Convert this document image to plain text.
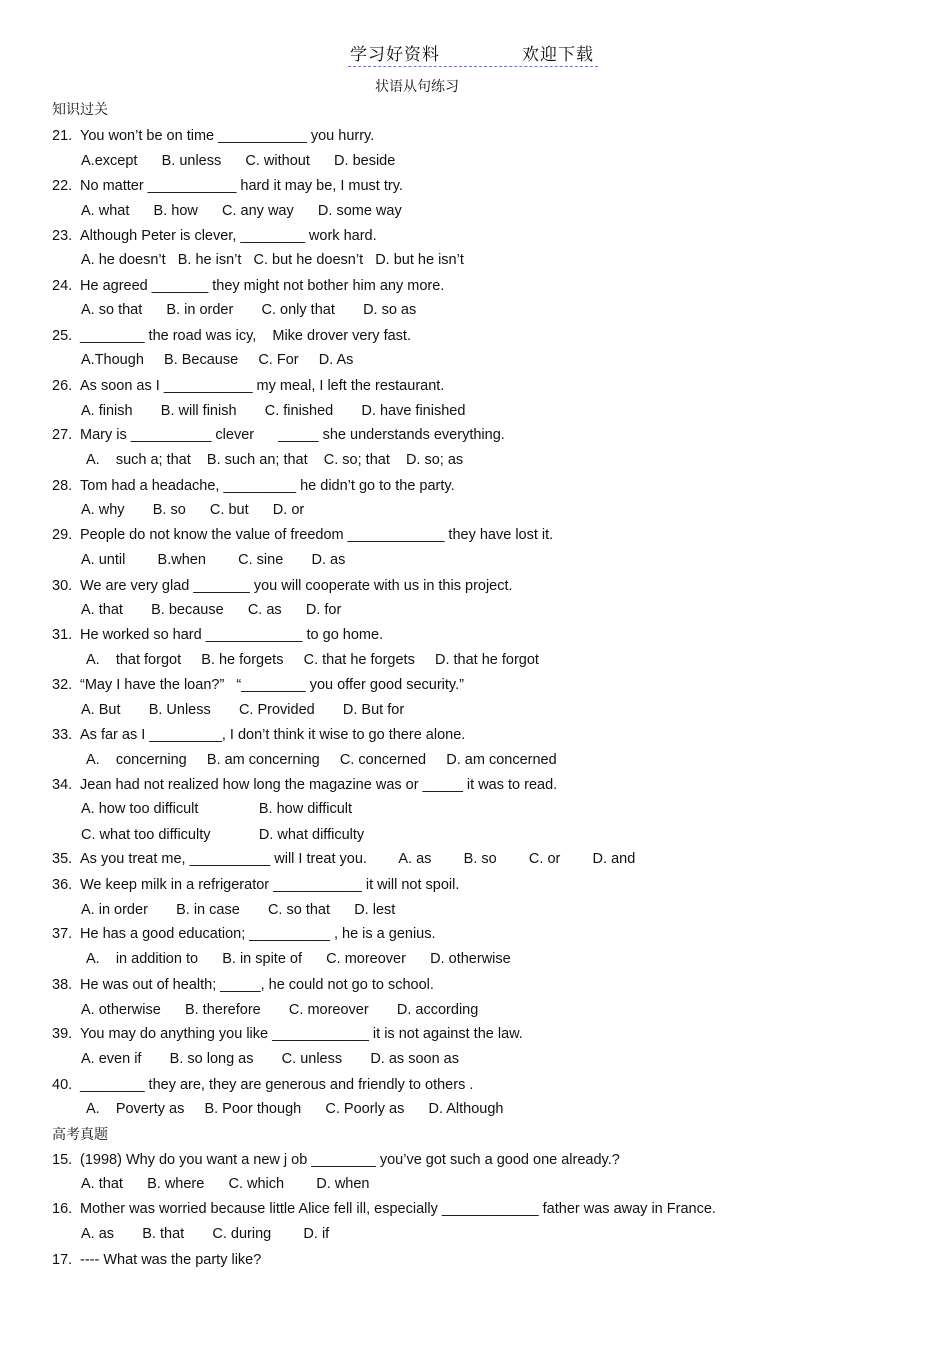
学习好资料	欢迎下载
状语从句练习
知识过关
高考真题
21. You won’t be on time ___________ you hurry.
A.except      B. unless      C. without      D. beside
22. No matter ___________ hard it may be, I must try.
A. what      B. how      C. any way      D. some way
23. Although Peter is clever, ________ work hard.
A. he doesn’t   B. he isn’t   C. but he doesn’t   D. but he isn’t
24. He agreed _______ they might not bother him any more.
A. so that      B. in order       C. only that       D. so as
25. ________ the road was icy,    Mike drover very fast.
A.Though     B. Because     C. For     D. As
26. As soon as I ___________ my meal, I left the restaurant.
A. finish       B. will finish       C. finished       D. have finished
27. Mary is __________ clever      _____ she understands everything.
A.    such a; that    B. such an; that    C. so; that    D. so; as
28. Tom had a headache, _________ he didn’t go to the party.
A. why       B. so      C. but      D. or
29. People do not know the value of freedom ____________ they have lost it.
A. until        B.when        C. sine       D. as
30. We are very glad _______ you will cooperate with us in this project.
A. that       B. because      C. as      D. for
31. He worked so hard ____________ to go home.
A.    that forgot     B. he forgets     C. that he forgets     D. that he forgot
32. “May I have the loan?”   “________ you offer good security.”
A. But       B. Unless       C. Provided       D. But for
33. As far as I _________, I don’t think it wise to go there alone.
A.    concerning     B. am concerning     C. concerned     D. am concerned
34. Jean had not realized how long the magazine was or _____ it was to read.
A. how too difficult               B. how difficult
C. what too difficulty            D. what difficulty
35. As you treat me, __________ will I treat you.        A. as        B. so        C. or        D. and
36. We keep milk in a refrigerator ___________ it will not spoil.
A. in order       B. in case       C. so that      D. lest
37. He has a good education; __________ , he is a genius.
A.    in addition to      B. in spite of      C. moreover      D. otherwise
38. He was out of health; _____, he could not go to school.
A. otherwise      B. therefore       C. moreover       D. according
39. You may do anything you like ____________ it is not against the law.
A. even if       B. so long as       C. unless       D. as soon as
40. ________ they are, they are generous and friendly to others .
A.    Poverty as     B. Poor though      C. Poorly as      D. Although
15. (1998) Why do you want a new j ob ________ you’ve got such a good one already.?
A. that      B. where      C. which        D. when
16. Mother was worried because little Alice fell ill, especially ____________ father was away in France.
A. as       B. that       C. during        D. if
17. ---- What was the party like?
